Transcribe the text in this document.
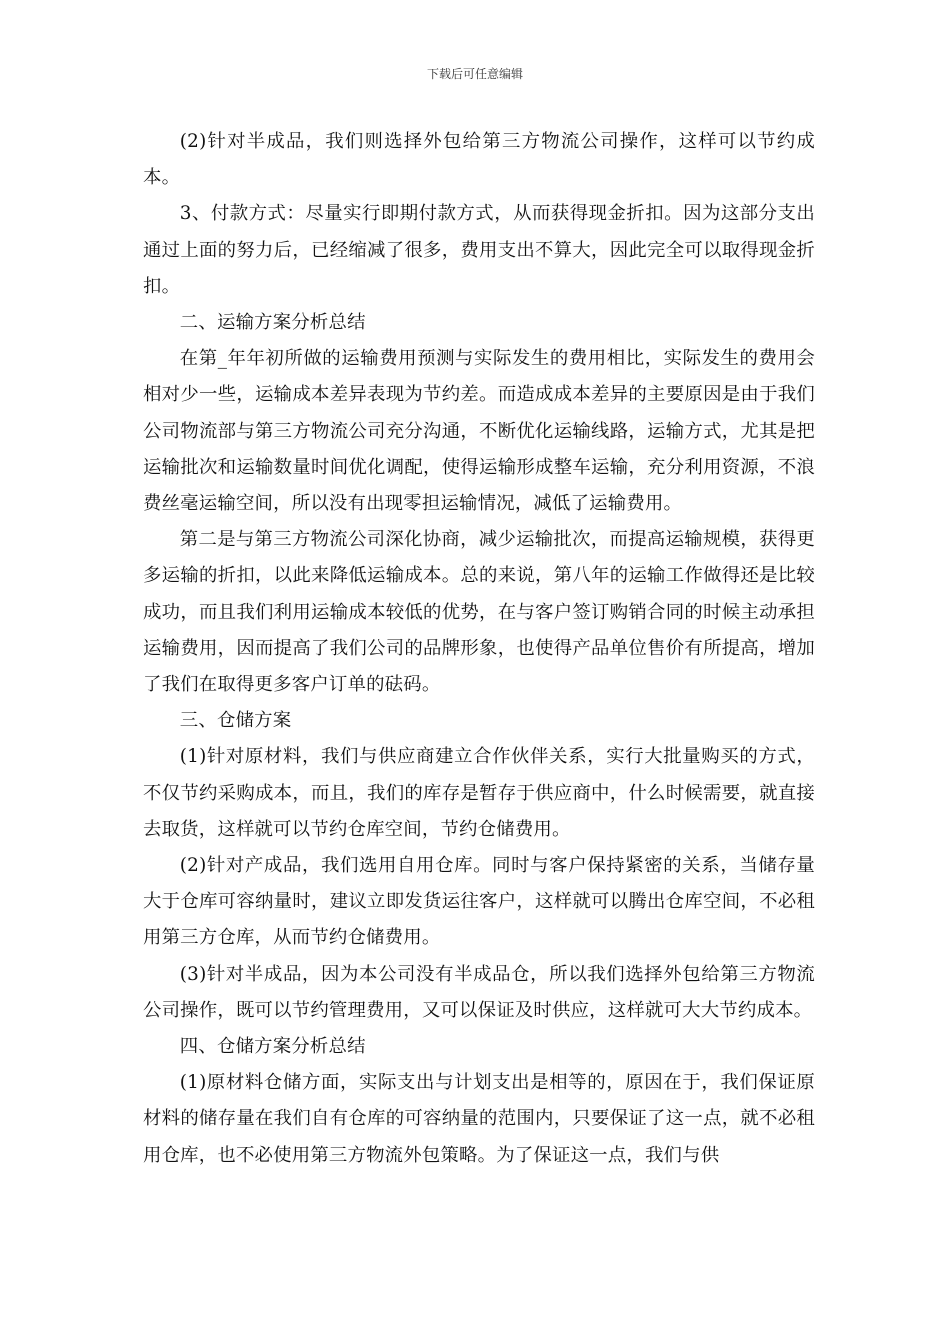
下载后可任意编辑

(2)针对半成品，我们则选择外包给第三方物流公司操作，这样可以节约成本。

3、付款方式：尽量实行即期付款方式，从而获得现金折扣。因为这部分支出通过上面的努力后，已经缩减了很多，费用支出不算大，因此完全可以取得现金折扣。

二、运输方案分析总结

在第_年年初所做的运输费用预测与实际发生的费用相比，实际发生的费用会相对少一些，运输成本差异表现为节约差。而造成成本差异的主要原因是由于我们公司物流部与第三方物流公司充分沟通，不断优化运输线路，运输方式，尤其是把运输批次和运输数量时间优化调配，使得运输形成整车运输，充分利用资源，不浪费丝毫运输空间，所以没有出现零担运输情况，减低了运输费用。

第二是与第三方物流公司深化协商，减少运输批次，而提高运输规模，获得更多运输的折扣，以此来降低运输成本。总的来说，第八年的运输工作做得还是比较成功，而且我们利用运输成本较低的优势，在与客户签订购销合同的时候主动承担运输费用，因而提高了我们公司的品牌形象，也使得产品单位售价有所提高，增加了我们在取得更多客户订单的砝码。

三、仓储方案

(1)针对原材料，我们与供应商建立合作伙伴关系，实行大批量购买的方式，不仅节约采购成本，而且，我们的库存是暂存于供应商中，什么时候需要，就直接去取货，这样就可以节约仓库空间，节约仓储费用。

(2)针对产成品，我们选用自用仓库。同时与客户保持紧密的关系，当储存量大于仓库可容纳量时，建议立即发货运往客户，这样就可以腾出仓库空间，不必租用第三方仓库，从而节约仓储费用。

(3)针对半成品，因为本公司没有半成品仓，所以我们选择外包给第三方物流公司操作，既可以节约管理费用，又可以保证及时供应，这样就可大大节约成本。

四、仓储方案分析总结

(1)原材料仓储方面，实际支出与计划支出是相等的，原因在于，我们保证原材料的储存量在我们自有仓库的可容纳量的范围内，只要保证了这一点，就不必租用仓库，也不必使用第三方物流外包策略。为了保证这一点，我们与供
